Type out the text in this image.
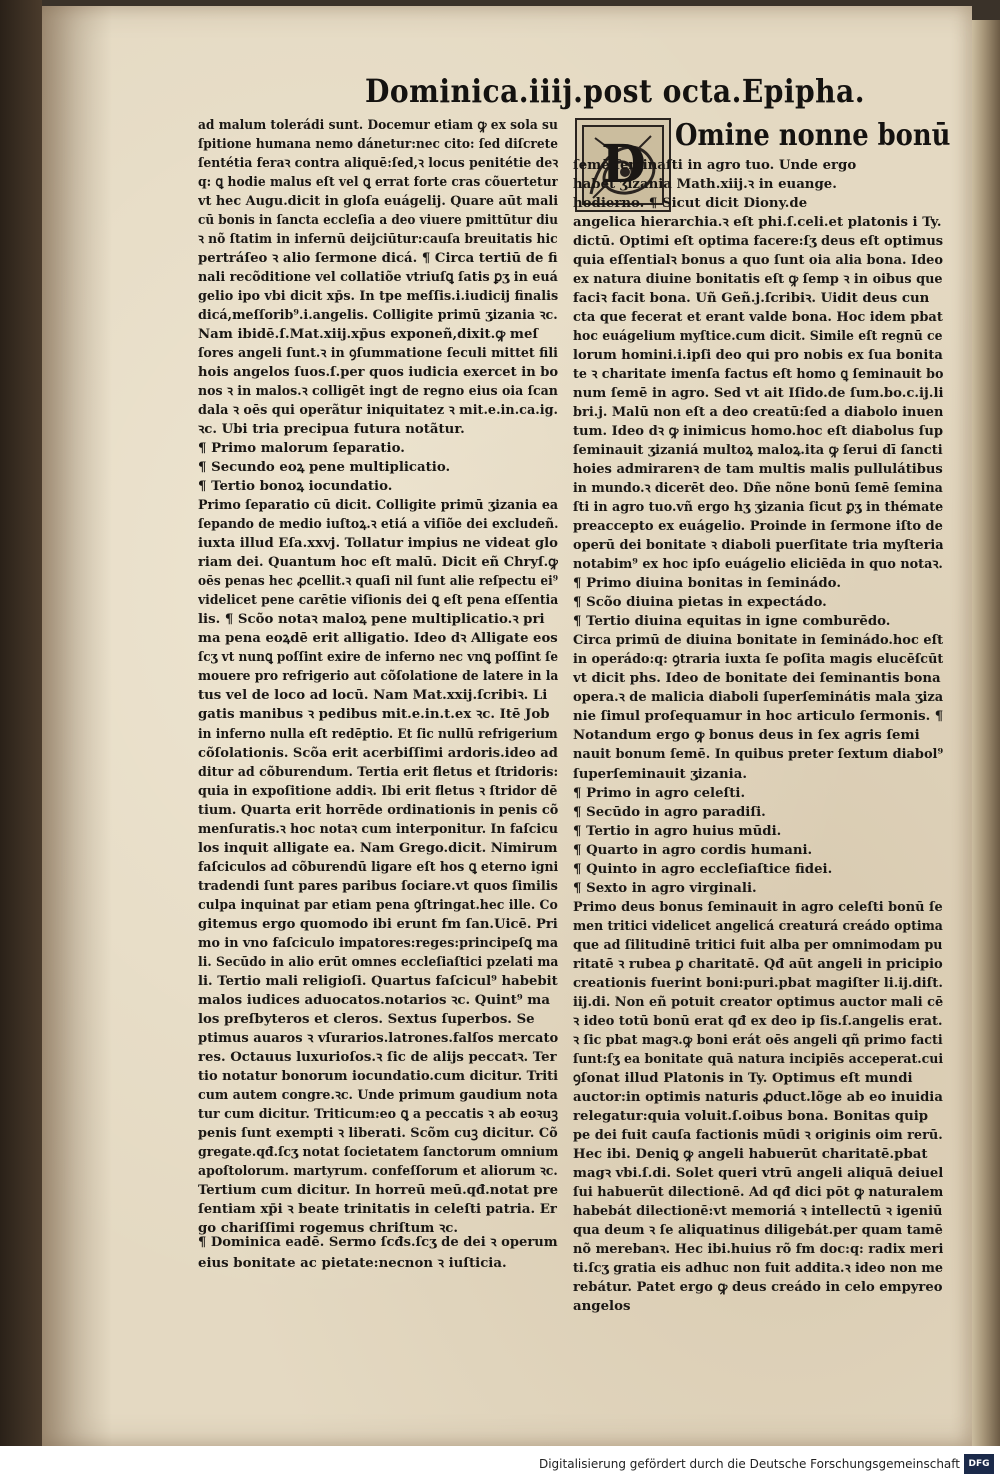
Dominica.iiij.post octa.Epipha.
ad malum tolerádi sunt. Docemur etiam ꝙ ex sola su
ſpitione humana nemo dánetur:nec cito: ſed diſcrete
ſentétia feraꝛ contra aliquē:ſed,ꝛ locus penitétie deꝛ
q: ꝗ hodie malus eſt vel ꝗ errat forte cras cõuertetur
vt hec Augu.dicit in gloſa euágelij. Quare aūt mali
cū bonis in ſancta eccleſia a deo viuere pmittūtur diu
ꝛ nõ ſtatim in infernū deijciūtur:cauſa breuitatis hic
pertráſeo ꝛ alio ſermone dicá. ¶ Circa tertiū de fi
nali recõditione vel collatiõe vtriuſꝗ ſatis ꝑʒ in euá
gelio ipo vbi dicit xp̄s. In tpe meſſis.i.iudicij finalis
dicá,meſſorib⁹.i.angelis. Colligite primū ʒizania ꝛc.
Nam ibidē.ſ.Mat.xiij.xp̄us exponeñ,dixit.ꝙ meſ
ſores angeli ſunt.ꝛ in ꝯſummatione ſeculi mittet fili
hois angelos ſuos.ſ.per quos iudicia exercet in bo
nos ꝛ in malos.ꝛ colligēt ingt de regno eius oia ſcan
dala ꝛ oēs qui operãtur iniquitatez ꝛ mit.e.in.ca.ig.
ꝛc. Ubi tria precipua futura notãtur.
¶ Primo malorum ſeparatio.
¶ Secundo eoꝝ pene multiplicatio.
¶ Tertio bonoꝝ iocundatio.
Primo ſeparatio cū dicit. Colligite primū ʒizania ea
ſepando de medio iuſtoꝝ.ꝛ etiá a viſiõe dei excludeñ.
iuxta illud Eſa.xxvj. Tollatur impius ne videat glo
riam dei. Quantum hoc eſt malū. Dicit eñ Chryſ.ꝙ
oēs penas hec ꝓcellit.ꝛ quaſi nil ſunt alie reſpectu ei⁹
videlicet pene carētie viſionis dei ꝗ eſt pena eſſentia
lis. ¶ Scõo notaꝛ maloꝝ pene multiplicatio.ꝛ pri
ma pena eoꝝdē erit alligatio. Ideo dꝛ Alligate eos
ſcʒ vt nunꝗ poſſint exire de inferno nec vnꝗ poſſint ſe
mouere pro refrigerio aut cõſolatione de latere in la
tus vel de loco ad locū. Nam Mat.xxij.ſcribiꝛ. Li
gatis manibus ꝛ pedibus mit.e.in.t.ex ꝛc. Itē Job
in inferno nulla eſt redēptio. Et ſic nullū refrigerium
cõſolationis. Scõa erit acerbiſſimi ardoris.ideo ad
ditur ad cõburendum. Tertia erit fletus et ſtridoris:
quia in expoſitione addiꝛ. Ibi erit fletus ꝛ ſtridor dē
tium. Quarta erit horrēde ordinationis in penis cõ
menſuratis.ꝛ hoc notaꝛ cum interponitur. In faſcicu
los inquit alligate ea. Nam Grego.dicit. Nimirum
faſciculos ad cõburendū ligare eſt hos ꝗ eterno igni
tradendi ſunt pares paribus ſociare.vt quos ſimilis
culpa inquinat par etiam pena ꝯſtringat.hec ille. Co
gitemus ergo quomodo ibi erunt fm ſan.Uicē. Pri
mo in vno faſciculo impatores:reges:principeſꝗ ma
li. Secūdo in alio erūt omnes eccleſiaſtici pzelati ma
li. Tertio mali religioſi. Quartus faſcicul⁹ habebit
malos iudices aduocatos.notarios ꝛc. Quint⁹ ma
los preſbyteros et cleros. Sextus ſuperbos. Se
ptimus auaros ꝛ vſurarios.latrones.falſos mercato
res. Octauus luxurioſos.ꝛ ſic de alijs peccatꝛ. Ter
tio notatur bonorum iocundatio.cum dicitur. Triti
cum autem congre.ꝛc. Unde primum gaudium nota
tur cum dicitur. Triticum:eo ꝗ a peccatis ꝛ ab eoꝛuꝫ
penis ſunt exempti ꝛ liberati. Scõm cuꝫ dicitur. Cõ
gregate.qđ.ſcʒ notat ſocietatem ſanctorum omnium
apoſtolorum. martyrum. confeſſorum et aliorum ꝛc.
Tertium cum dicitur. In horreū meū.qđ.notat pre
ſentiam xp̄i ꝛ beate trinitatis in celeſti patria. Er
go chariſſimi rogemus chriſtum ꝛc.
¶ Dominica eadē. Sermo ſcđs.ſcʒ de dei ꝛ operum
eius bonitate ac pietate:necnon ꝛ iuſticia.
D Omine nonne bonū
ſemē ſeminaſti in agro tuo. Unde ergo
habet ʒizania Math.xiij.ꝛ in euange.
hodierno. ¶ Sicut dicit Diony.de
angelica hierarchia.ꝛ eſt phi.ſ.celi.et platonis i Ty.
dictū. Optimi eſt optima facere:ſʒ deus eſt optimus
quia eſſentialꝛ bonus a quo ſunt oia alia bona. Ideo
ex natura diuine bonitatis eſt ꝙ ſemp ꝛ in oibus que
faciꝛ facit bona. Uñ Geñ.j.ſcribiꝛ. Uidit deus cun
cta que fecerat et erant valde bona. Hoc idem pbat
hoc euágelium myſtice.cum dicit. Simile eſt regnū ce
lorum homini.i.ipſi deo qui pro nobis ex ſua bonita
te ꝛ charitate imenſa factus eſt homo ꝗ ſeminauit bo
num ſemē in agro. Sed vt ait Iſido.de ſum.bo.c.ij.li
bri.j. Malū non eſt a deo creatū:ſed a diabolo inuen
tum. Ideo dꝛ ꝙ inimicus homo.hoc eſt diabolus ſup
ſeminauit ʒizaniá multoꝝ maloꝝ.ita ꝙ ſerui dī ſancti
hoies admirarenꝛ de tam multis malis pullulátibus
in mundo.ꝛ dicerēt deo. Dñe nõne bonū ſemē ſemina
ſti in agro tuo.vñ ergo hʒ ʒizania ſicut ꝑʒ in thémate
preaccepto ex euágelio. Proinde in ſermone iſto de
operū dei bonitate ꝛ diaboli puerſitate tria myſteria
notabim⁹ ex hoc ipſo euágelio eliciēda in quo notaꝛ.
¶ Primo diuina bonitas in ſeminádo.
¶ Scõo diuina pietas in expectádo.
¶ Tertio diuina equitas in igne comburēdo.
Circa primū de diuina bonitate in ſeminádo.hoc eſt
in operádo:q: ꝯtraria iuxta ſe poſita magis elucēſcūt
vt dicit phs. Ideo de bonitate dei ſeminantis bona
opera.ꝛ de malicia diaboli ſuperſeminátis mala ʒiza
nie ſimul proſequamur in hoc articulo ſermonis. ¶
Notandum ergo ꝙ bonus deus in ſex agris ſemi
nauit bonum ſemē. In quibus preter ſextum diabol⁹
ſuperſeminauit ʒizania.
¶ Primo in agro celeſti.
¶ Secūdo in agro paradiſi.
¶ Tertio in agro huius mūdi.
¶ Quarto in agro cordis humani.
¶ Quinto in agro eccleſiaſtice fidei.
¶ Sexto in agro virginali.
Primo deus bonus ſeminauit in agro celeſti bonū ſe
men tritici videlicet angelicá creaturá creádo optima
que ad ſilitudinē tritici fuit alba per omnimodam pu
ritatē ꝛ rubea ꝑ charitatē. Qđ aūt angeli in pricipio
creationis fuerint boni:puri.pbat magiſter li.ij.diſt.
iij.di. Non eñ potuit creator optimus auctor mali cē
ꝛ ideo totū bonū erat qđ ex deo ip ſis.ſ.angelis erat.
ꝛ ſic pbat magꝛ.ꝙ boni erát oēs angeli qñ primo facti
ſunt:ſʒ ea bonitate quā natura incipiēs acceperat.cui
ꝯſonat illud Platonis in Ty. Optimus eſt mundi
auctor:in optimis naturis ꝓduct.lõge ab eo inuidia
relegatur:quia voluit.ſ.oibus bona. Bonitas quip
pe dei fuit cauſa factionis mūdi ꝛ originis oim rerū.
Hec ibi. Deniꝗ ꝙ angeli habuerūt charitatē.pbat
magꝛ vbi.ſ.di. Solet queri vtrū angeli aliquā deiuel
ſui habuerūt dilectionē. Ad qđ dici pōt ꝙ naturalem
habebát dilectionē:vt memoriá ꝛ intellectū ꝛ igeniū
qua deum ꝛ ſe aliquatinus diligebát.per quam tamē
nõ merebanꝛ. Hec ibi.huius rõ fm doc:q: radix meri
ti.ſcʒ gratia eis adhuc non fuit addita.ꝛ ideo non me
rebátur. Patet ergo ꝙ deus creádo in celo empyreo
angelos
Digitalisierung gefördert durch die Deutsche Forschungsgemeinschaft DFG
